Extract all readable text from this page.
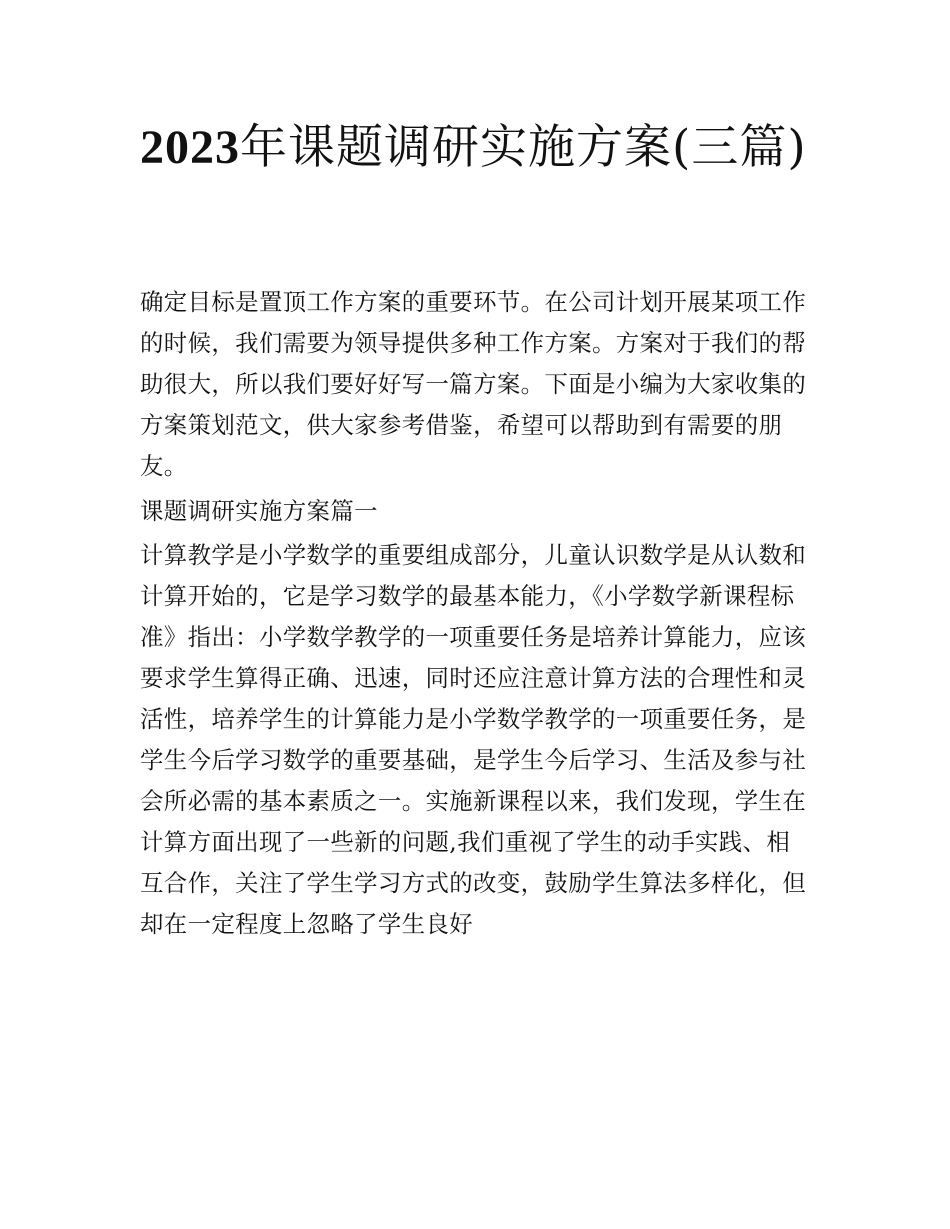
2023年课题调研实施方案(三篇)

确定目标是置顶工作方案的重要环节。在公司计划开展某项工作的时候，我们需要为领导提供多种工作方案。方案对于我们的帮助很大，所以我们要好好写一篇方案。下面是小编为大家收集的方案策划范文，供大家参考借鉴，希望可以帮助到有需要的朋友。

课题调研实施方案篇一

计算教学是小学数学的重要组成部分，儿童认识数学是从认数和计算开始的，它是学习数学的最基本能力，《小学数学新课程标准》指出：小学数学教学的一项重要任务是培养计算能力，应该要求学生算得正确、迅速，同时还应注意计算方法的合理性和灵活性，培养学生的计算能力是小学数学教学的一项重要任务，是学生今后学习数学的重要基础，是学生今后学习、生活及参与社会所必需的基本素质之一。实施新课程以来，我们发现，学生在计算方面出现了一些新的问题,我们重视了学生的动手实践、相互合作，关注了学生学习方式的改变，鼓励学生算法多样化，但却在一定程度上忽略了学生良好
